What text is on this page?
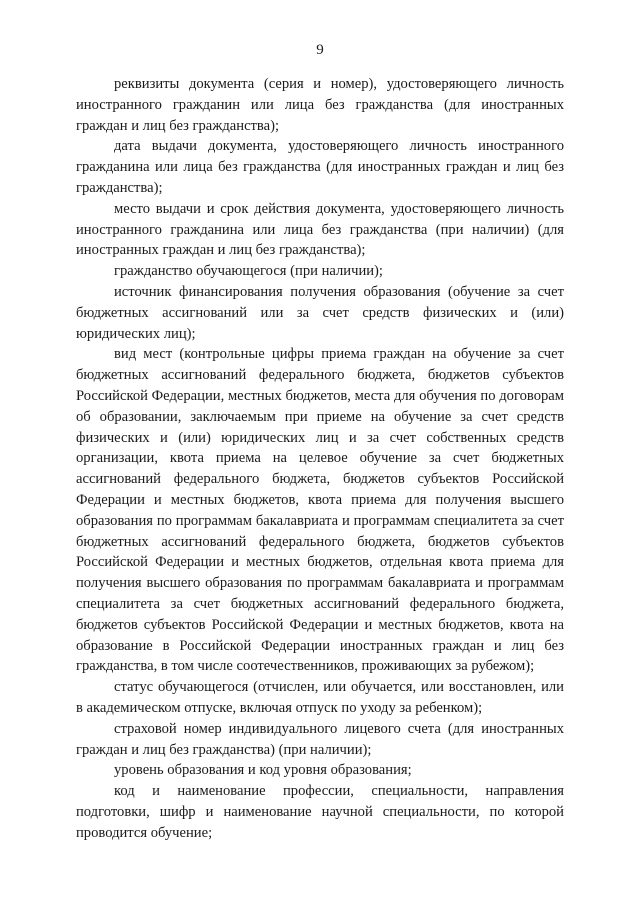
9

реквизиты документа (серия и номер), удостоверяющего личность иностранного гражданин или лица без гражданства (для иностранных граждан и лиц без гражданства);

дата выдачи документа, удостоверяющего личность иностранного гражданина или лица без гражданства (для иностранных граждан и лиц без гражданства);

место выдачи и срок действия документа, удостоверяющего личность иностранного гражданина или лица без гражданства (при наличии) (для иностранных граждан и лиц без гражданства);

гражданство обучающегося (при наличии);

источник финансирования получения образования (обучение за счет бюджетных ассигнований или за счет средств физических и (или) юридических лиц);

вид мест (контрольные цифры приема граждан на обучение за счет бюджетных ассигнований федерального бюджета, бюджетов субъектов Российской Федерации, местных бюджетов, места для обучения по договорам об образовании, заключаемым при приеме на обучение за счет средств физических и (или) юридических лиц и за счет собственных средств организации, квота приема на целевое обучение за счет бюджетных ассигнований федерального бюджета, бюджетов субъектов Российской Федерации и местных бюджетов, квота приема для получения высшего образования по программам бакалавриата и программам специалитета за счет бюджетных ассигнований федерального бюджета, бюджетов субъектов Российской Федерации и местных бюджетов, отдельная квота приема для получения высшего образования по программам бакалавриата и программам специалитета за счет бюджетных ассигнований федерального бюджета, бюджетов субъектов Российской Федерации и местных бюджетов, квота на образование в Российской Федерации иностранных граждан и лиц без гражданства, в том числе соотечественников, проживающих за рубежом);

статус обучающегося (отчислен, или обучается, или восстановлен, или в академическом отпуске, включая отпуск по уходу за ребенком);

страховой номер индивидуального лицевого счета (для иностранных граждан и лиц без гражданства) (при наличии);

уровень образования и код уровня образования;

код и наименование профессии, специальности, направления подготовки, шифр и наименование научной специальности, по которой проводится обучение;
